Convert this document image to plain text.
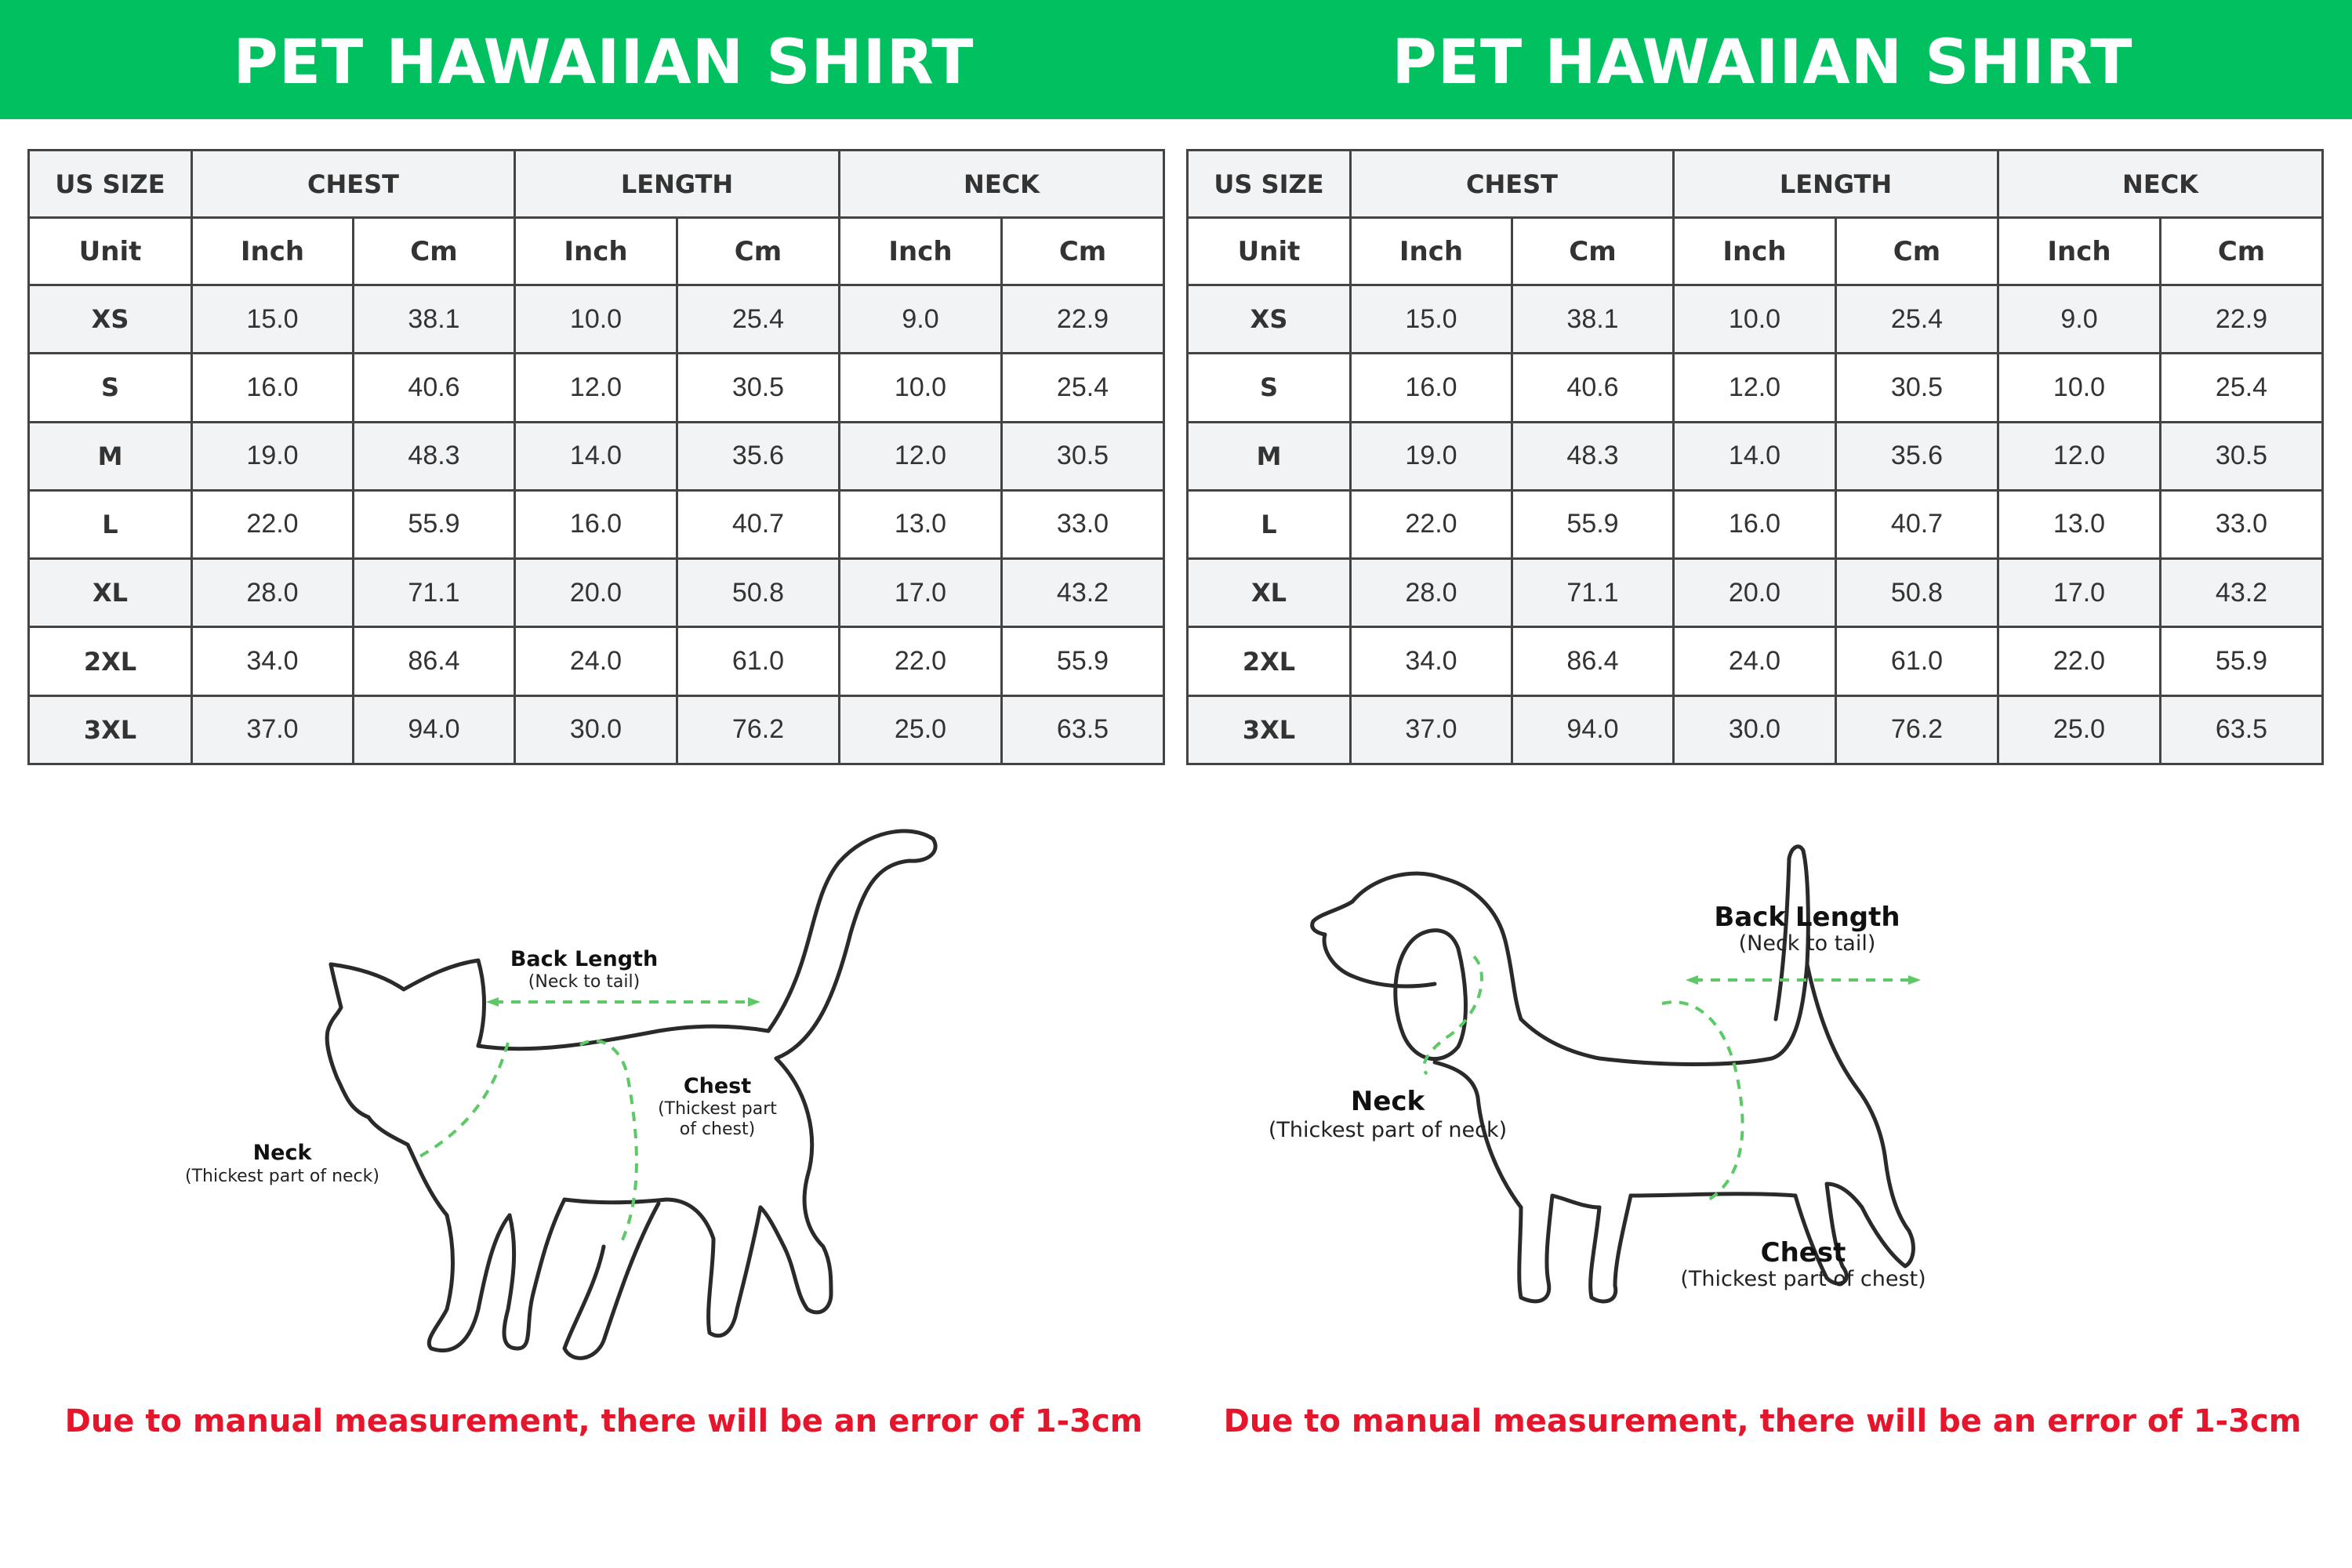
PET HAWAIIAN SHIRT	PET HAWAIIAN SHIRT
US SIZE	CHEST		LENGTH		NECK	
Unit	Inch	Cm	Inch	Cm	Inch	Cm
XS	15.0	38.1	10.0	25.4	9.0	22.9
S	16.0	40.6	12.0	30.5	10.0	25.4
M	19.0	48.3	14.0	35.6	12.0	30.5
L	22.0	55.9	16.0	40.7	13.0	33.0
XL	28.0	71.1	20.0	50.8	17.0	43.2
2XL	34.0	86.4	24.0	61.0	22.0	55.9
3XL	37.0	94.0	30.0	76.2	25.0	63.5
US SIZE	CHEST		LENGTH		NECK	
Unit	Inch	Cm	Inch	Cm	Inch	Cm
XS	15.0	38.1	10.0	25.4	9.0	22.9
S	16.0	40.6	12.0	30.5	10.0	25.4
M	19.0	48.3	14.0	35.6	12.0	30.5
L	22.0	55.9	16.0	40.7	13.0	33.0
XL	28.0	71.1	20.0	50.8	17.0	43.2
2XL	34.0	86.4	24.0	61.0	22.0	55.9
3XL	37.0	94.0	30.0	76.2	25.0	63.5
Back Length
(Neck to tail)
Chest
(Thickest part
of chest)
Neck
(Thickest part of neck)
Back Length
(Neck to tail)
Neck
(Thickest part of neck)
Chest
(Thickest part of chest)
Due to manual measurement, there will be an error of 1-3cm	Due to manual measurement, there will be an error of 1-3cm
